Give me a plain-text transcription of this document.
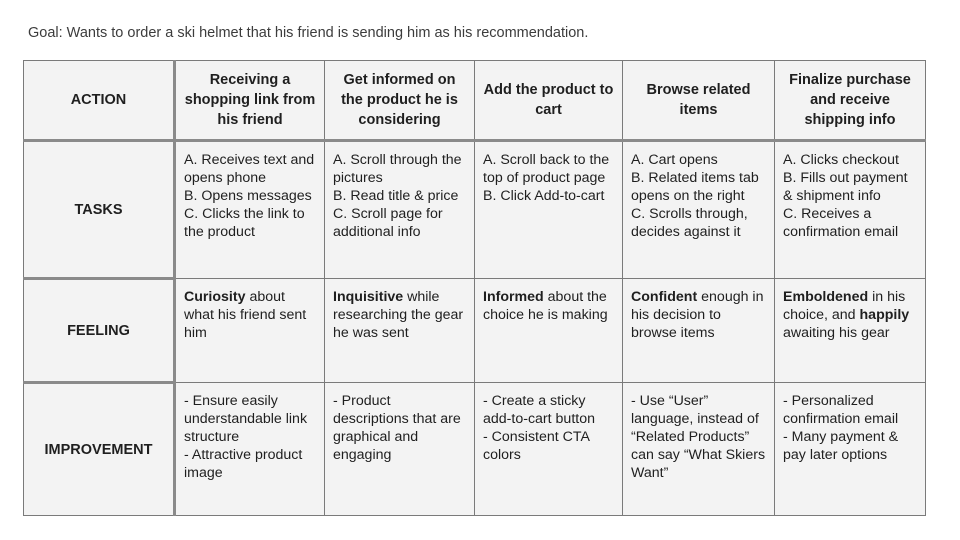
Goal: Wants to order a ski helmet that his friend is sending him as his recommendation.
ACTION	Receiving a shopping link from his friend	Get informed on the product he is considering	Add the product to cart	Browse related items	Finalize purchase and receive shipping info
TASKS	A. Receives text and opens phone
B. Opens messages
C. Clicks the link to the product	A. Scroll through the pictures
B. Read title & price
C. Scroll page for additional info	A. Scroll back to the top of product page
B. Click Add-to-cart	A. Cart opens
B. Related items tab opens on the right
C. Scrolls through, decides against it	A. Clicks checkout
B. Fills out payment & shipment info
C. Receives a confirmation email

FEELING	Curiosity about what his friend sent him	Inquisitive while researching the gear he was sent	Informed about the choice he is making	Confident enough in his decision to browse items	Emboldened in his choice, and happily awaiting his gear
IMPROVEMENT	- Ensure easily understandable link structure
- Attractive product image	- Product descriptions that are graphical and engaging	- Create a sticky add-to-cart button
- Consistent CTA colors	- Use “User” language, instead of “Related Products” can say “What Skiers Want”	- Personalized confirmation email
- Many payment & pay later options
